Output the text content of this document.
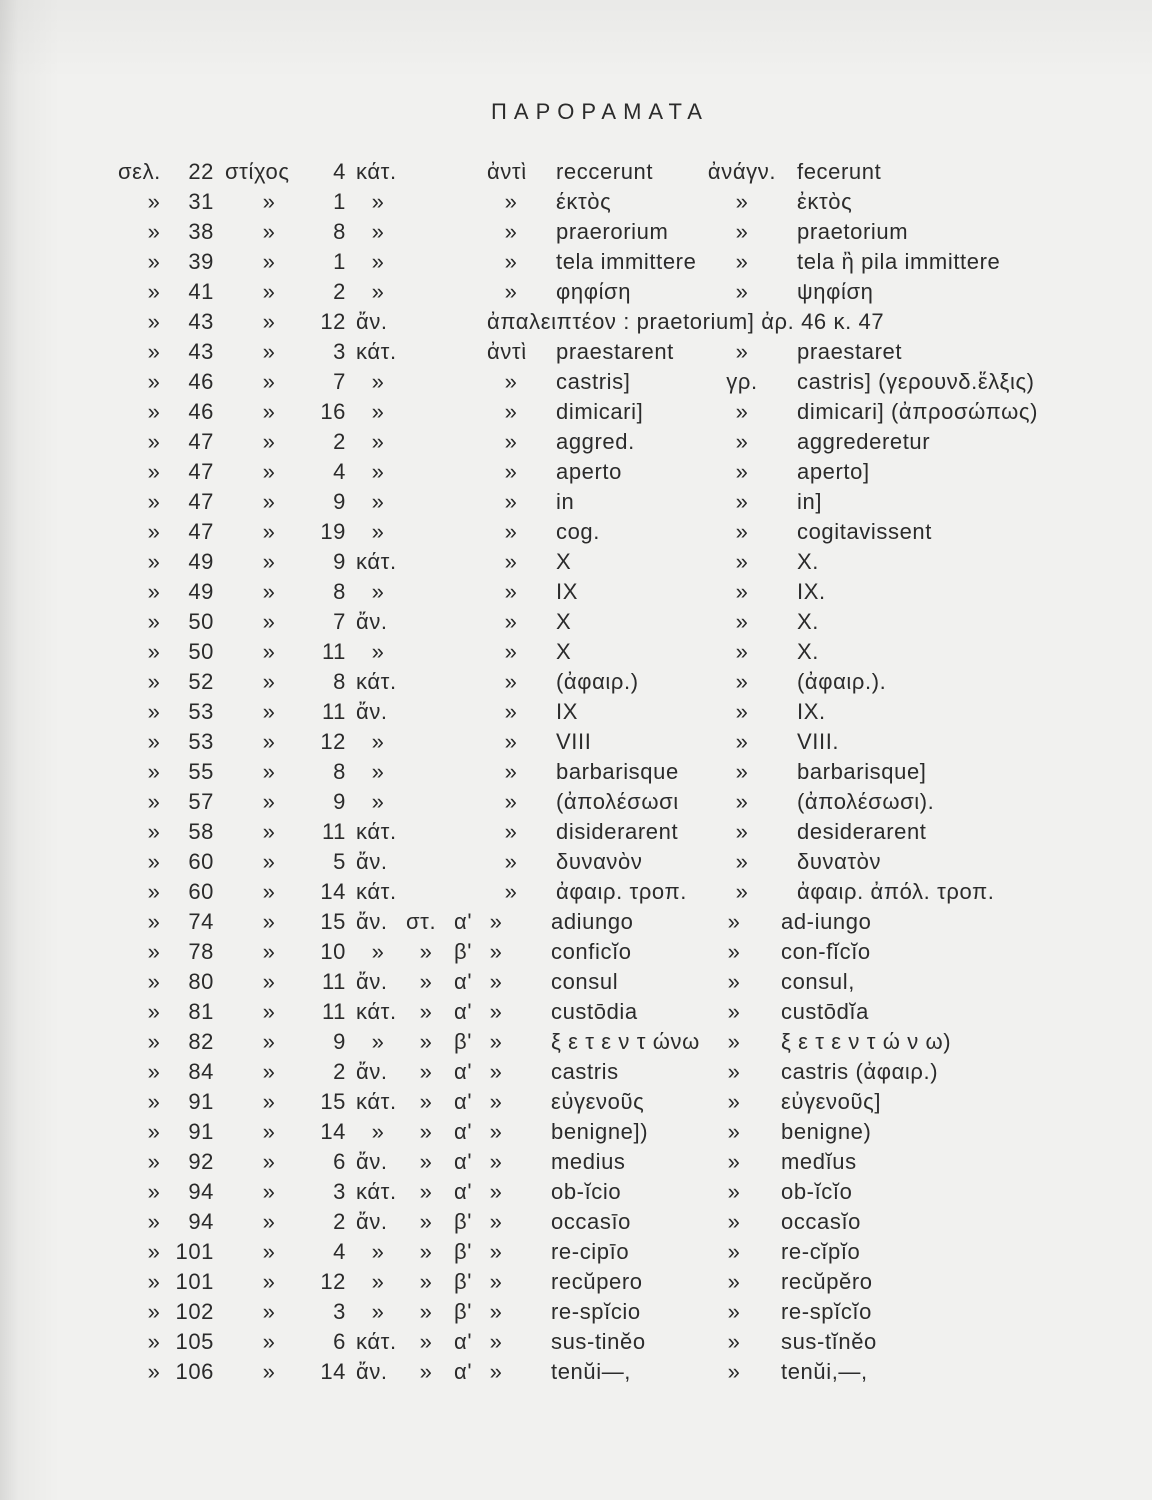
ΠΑΡΟΡΑΜΑΤΑ
σελ.	22 στίχος	4 κάτ.	ἀντὶ	reccerunt	ἀνάγν. fecerunt
»	31	»	1	»	»	έκτὸς	»	ἐκτὸς
»	38	»	8	»	»	praerorium	»	praetorium
»	39	»	1	»	»	tela immittere	»	tela ἢ pila immittere
»	41	»	2	»	»	φηφίση	»	ψηφίση
»	43	»	12 ἄν.	ἀπαλειπτέον : praetorium] ἀρ. 46 κ. 47
»	43	»	3 κάτ.	ἀντὶ	praestarent	»	praestaret
»	46	»	7	»	»	castris]	γρ.	castris] (γερουνδ.ἕλξις)
»	46	»	16	»	»	dimicari]	»	dimicari] (ἀπροσώπως)
»	47	»	2	»	»	aggred.	»	aggrederetur
»	47	»	4	»	»	aperto	»	aperto]
»	47	»	9	»	»	in	»	in]
»	47	»	19	»	»	cog.	»	cogitavissent
»	49	»	9 κάτ.	»	X	»	X.
»	49	»	8	»	»	IX	»	IX.
»	50	»	7 ἄν.	»	X	»	X.
»	50	»	11	»	»	X	»	X.
»	52	»	8 κάτ.	»	(ἀφαιρ.)	»	(ἀφαιρ.).
»	53	»	11 ἄν.	»	IX	»	IX.
»	53	»	12	»	»	VIII	»	VIII.
»	55	»	8	»	»	barbarisque	»	barbarisque]
»	57	»	9	»	»	(ἀπολέσωσι	»	(ἀπολέσωσι).
»	58	»	11 κάτ.	»	disiderarent	»	desiderarent
»	60	»	5 ἄν.	»	δυνανὸν	»	δυνατὸν
»	60	»	14 κάτ.	»	ἀφαιρ. τροπ.	»	ἀφαιρ. ἀπόλ. τροπ.
»	74	»	15 ἄν. στ. α' »	adiungo	»	ad-iungo
»	78	»	10	»	» β' »	conficĭo	»	con-fĭcĭo
»	80	»	11 ἄν.	» α' »	consul	»	consul,
»	81	»	11 κάτ.	» α' »	custōdia	»	custōdĭa
»	82	»	9	»	» β' »	ξ ε τ ε ν τ ώνω	»	ξ ε τ ε ν τ ώ ν ω)
»	84	»	2 ἄν.	» α' »	castris	»	castris (ἀφαιρ.)
»	91	»	15 κάτ.	» α' »	εὐγενοῦς	»	εὐγενοῦς]
»	91	»	14	»	» α' »	benigne])	»	benigne)
»	92	»	6 ἄν.	» α' »	medius	»	medĭus
»	94	»	3 κάτ.	» α' »	ob-ĭcio	»	ob-ĭcĭo
»	94	»	2 ἄν.	» β' »	occasīo	»	occasĭo
» 101	»	4	»	» β' »	re-cipīo	»	re-cĭpĭo
» 101	»	12	»	» β' »	recŭpero	»	recŭpĕro
» 102	»	3	»	» β' »	re-spĭcio	»	re-spĭcĭo
» 105	»	6 κάτ.	» α' »	sus-tinĕo	»	sus-tĭnĕo
» 106	»	14 ἄν.	» α' »	tenŭi—,	»	tenŭi,—,
